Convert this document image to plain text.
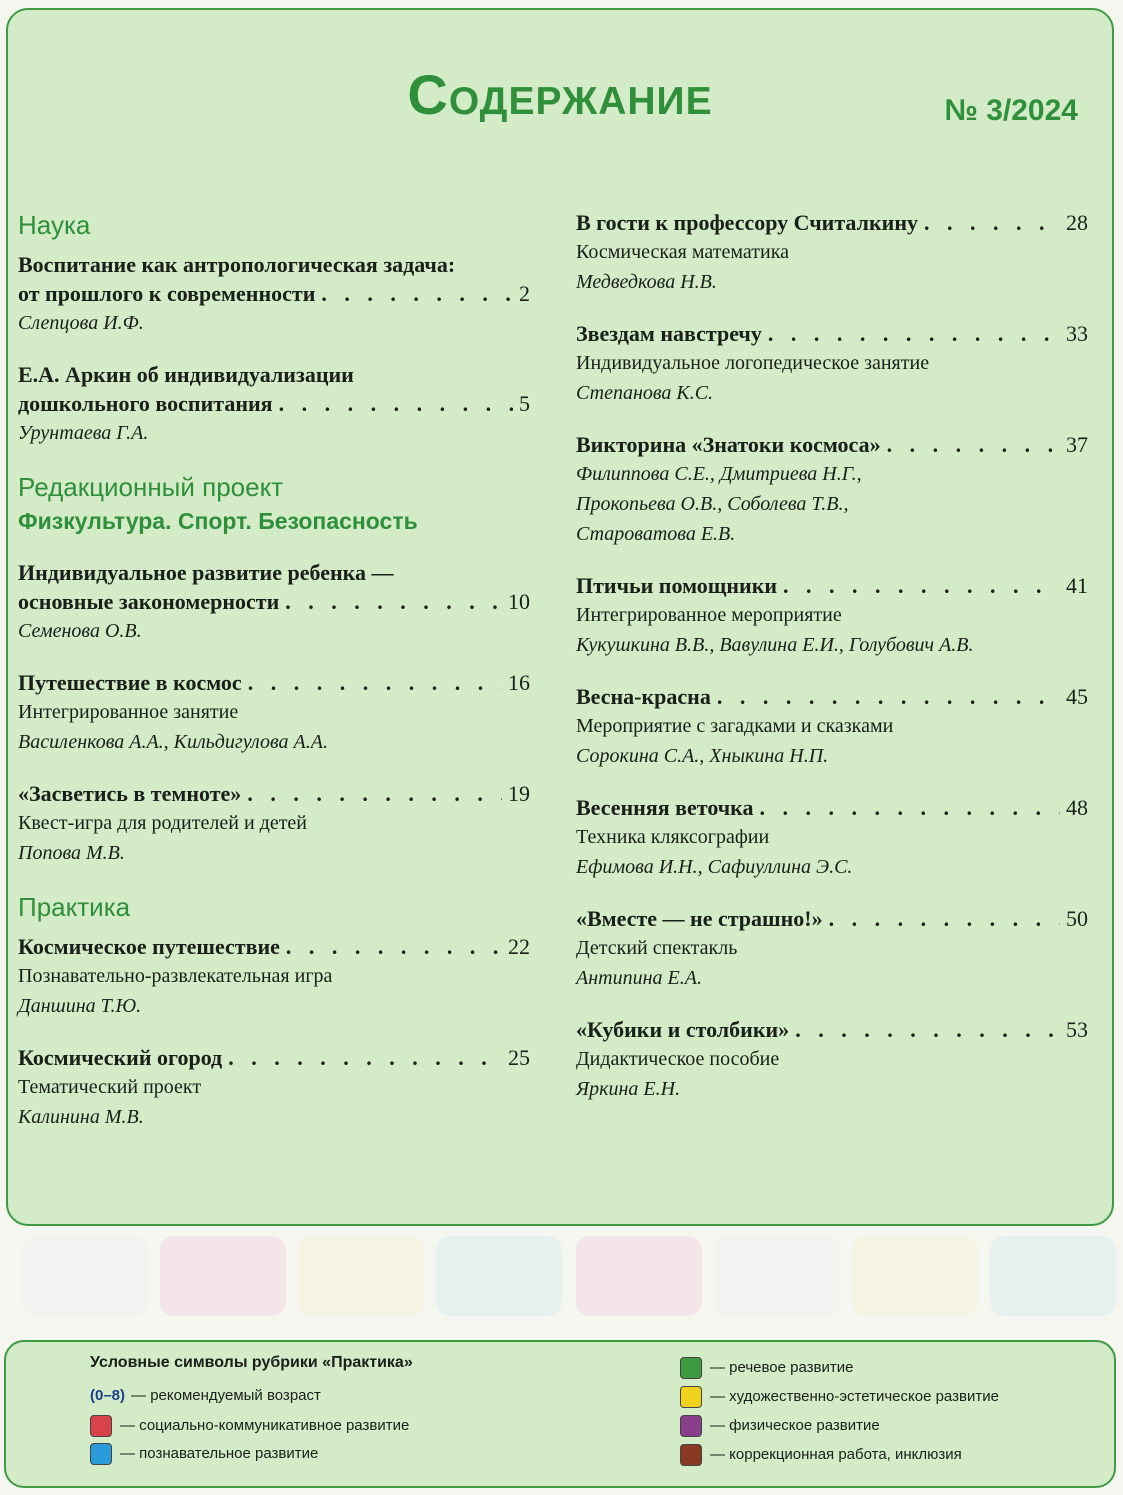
Содержание	№ 3/2024
Наука
Воспитание как антропологическая задача:
от прошлого к современности . . .	2
Слепцова И.Ф.
Е.А. Аркин об индивидуализации
дошкольного воспитания . . .	5
Урунтаева Г.А.
Редакционный проект
Физкультура. Спорт. Безопасность
Индивидуальное развитие ребенка —
основные закономерности . . .	10
Семенова О.В.
Путешествие в космос . . .	16
Интегрированное занятие
Василенкова А.А., Кильдигулова А.А.
«Засветись в темноте» . . .	19
Квест-игра для родителей и детей
Попова М.В.
Практика
Космическое путешествие . . .	22
Познавательно-развлекательная игра
Даншина Т.Ю.
Космический огород . . .	25
Тематический проект
Калинина М.В.
В гости к профессору Считалкину . . .	28
Космическая математика
Медведкова Н.В.
Звездам навстречу . . .	33
Индивидуальное логопедическое занятие
Степанова К.С.
Викторина «Знатоки космоса» . . .	37
Филиппова С.Е., Дмитриева Н.Г.,
Прокопьева О.В., Соболева Т.В.,
Староватова Е.В.
Птичьи помощники . . .	41
Интегрированное мероприятие
Кукушкина В.В., Вавулина Е.И., Голубович А.В.
Весна-красна . . .	45
Мероприятие с загадками и сказками
Сорокина С.А., Хныкина Н.П.
Весенняя веточка . . .	48
Техника кляксографии
Ефимова И.Н., Сафиуллина Э.С.
«Вместе — не страшно!» . . .	50
Детский спектакль
Антипина Е.А.
«Кубики и столбики» . . .	53
Дидактическое пособие
Яркина Е.Н.
Условные символы рубрики «Практика»
(0–8) — рекомендуемый возраст
— социально-коммуникативное развитие
— познавательное развитие
— речевое развитие
— художественно-эстетическое развитие
— физическое развитие
— коррекционная работа, инклюзия
